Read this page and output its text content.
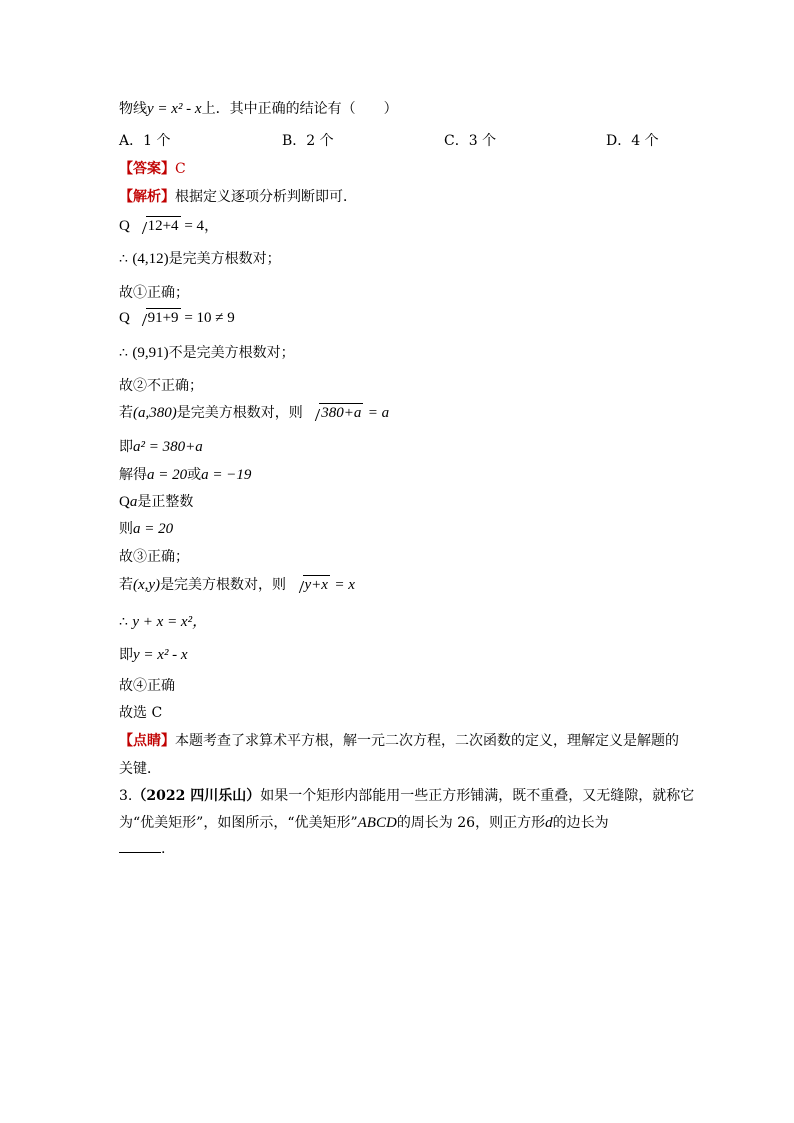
物线y = x² - x上．其中正确的结论有（　　）
A．1 个	B．2 个	C．3 个	D．4 个
【答案】C
【解析】根据定义逐项分析判断即可．
Q 12+4 = 4，
∴ (4,12)是完美方根数对；
故①正确；
Q 91+9 = 10 ≠ 9
∴ (9,91)不是完美方根数对；
故②不正确；
若(a,380)是完美方根数对，则 380+a = a
即a² = 380+a
解得a = 20或a = −19
Qa是正整数
则a = 20
故③正确；
若(x,y)是完美方根数对，则 y+x = x
∴ y + x = x²，
即y = x² - x
故④正确
故选 C
【点睛】本题考查了求算术平方根，解一元二次方程，二次函数的定义，理解定义是解题的
关键．
3.（2022 四川乐山）如果一个矩形内部能用一些正方形铺满，既不重叠，又无缝隙，就称它
为“优美矩形”，如图所示，“优美矩形”ABCD的周长为 26，则正方形d的边长为
.
